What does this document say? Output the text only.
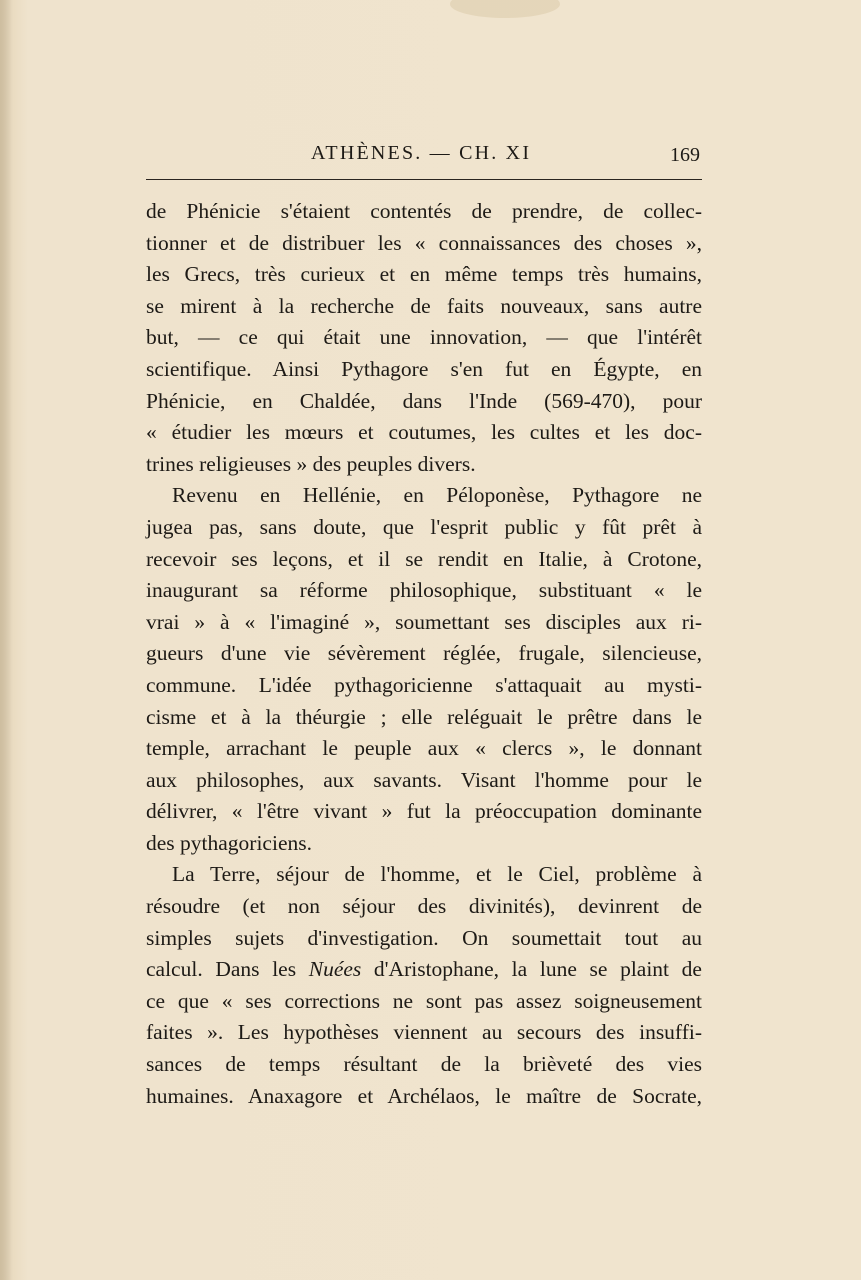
ATHÈNES. — CH. XI	169
de Phénicie s'étaient contentés de prendre, de collec-
tionner et de distribuer les « connaissances des choses »,
les Grecs, très curieux et en même temps très humains,
se mirent à la recherche de faits nouveaux, sans autre
but, — ce qui était une innovation, — que l'intérêt
scientifique. Ainsi Pythagore s'en fut en Égypte, en
Phénicie, en Chaldée, dans l'Inde (569-470), pour
« étudier les mœurs et coutumes, les cultes et les doc-
trines religieuses » des peuples divers.
Revenu en Hellénie, en Péloponèse, Pythagore ne
jugea pas, sans doute, que l'esprit public y fût prêt à
recevoir ses leçons, et il se rendit en Italie, à Crotone,
inaugurant sa réforme philosophique, substituant « le
vrai » à « l'imaginé », soumettant ses disciples aux ri-
gueurs d'une vie sévèrement réglée, frugale, silencieuse,
commune. L'idée pythagoricienne s'attaquait au mysti-
cisme et à la théurgie ; elle reléguait le prêtre dans le
temple, arrachant le peuple aux « clercs », le donnant
aux philosophes, aux savants. Visant l'homme pour le
délivrer, « l'être vivant » fut la préoccupation dominante
des pythagoriciens.
La Terre, séjour de l'homme, et le Ciel, problème à
résoudre (et non séjour des divinités), devinrent de
simples sujets d'investigation. On soumettait tout au
calcul. Dans les Nuées d'Aristophane, la lune se plaint de
ce que « ses corrections ne sont pas assez soigneusement
faites ». Les hypothèses viennent au secours des insuffi-
sances de temps résultant de la brièveté des vies
humaines. Anaxagore et Archélaos, le maître de Socrate,
